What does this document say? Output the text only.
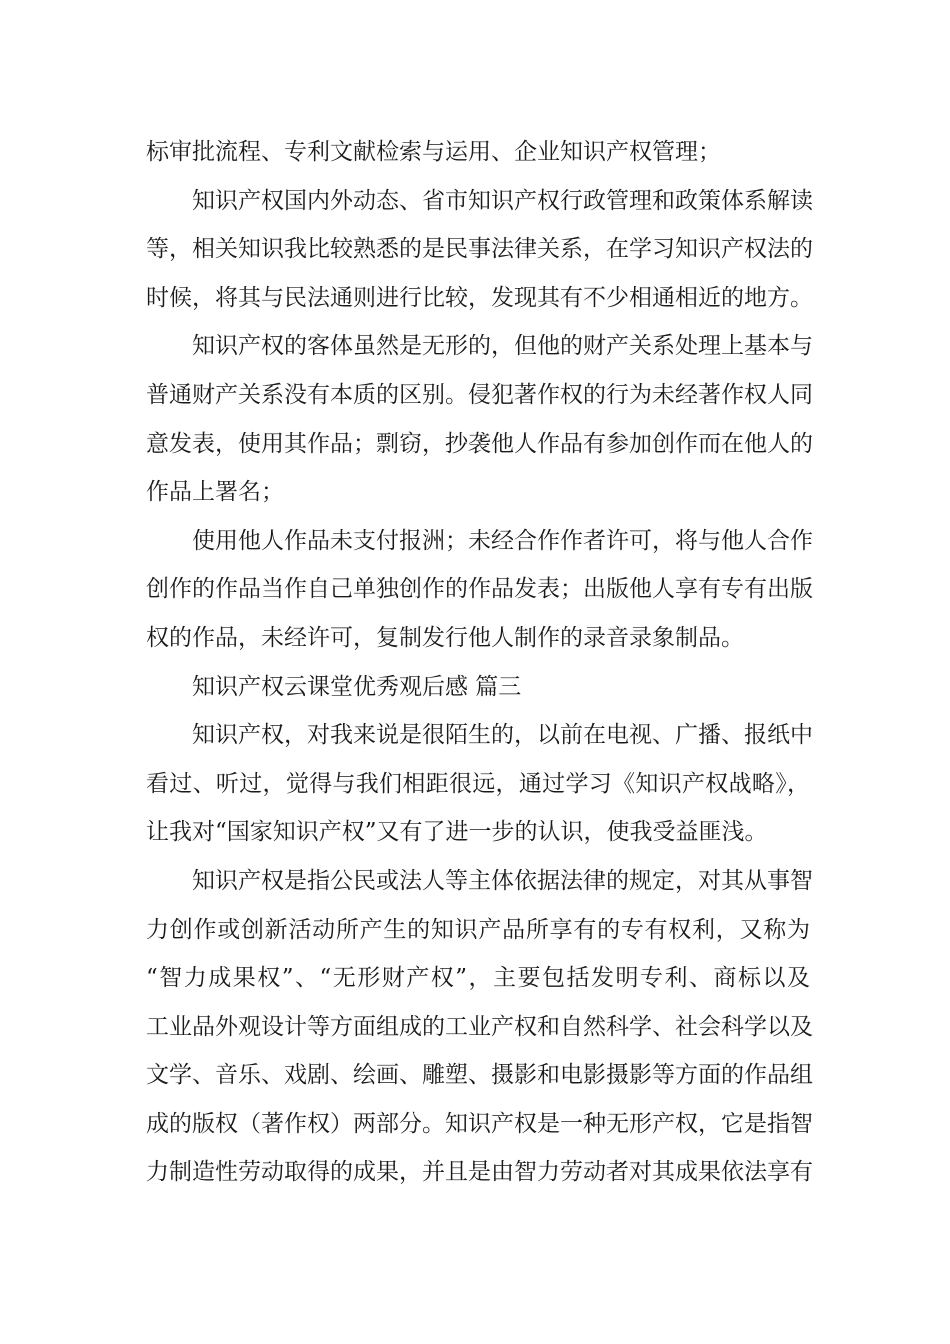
标审批流程、专利文献检索与运用、企业知识产权管理；
知识产权国内外动态、省市知识产权行政管理和政策体系解读
等，相关知识我比较熟悉的是民事法律关系，在学习知识产权法的
时候，将其与民法通则进行比较，发现其有不少相通相近的地方。
知识产权的客体虽然是无形的，但他的财产关系处理上基本与
普通财产关系没有本质的区别。侵犯著作权的行为未经著作权人同
意发表，使用其作品；剽窃，抄袭他人作品有参加创作而在他人的
作品上署名；
使用他人作品未支付报洲；未经合作作者许可，将与他人合作
创作的作品当作自己单独创作的作品发表；出版他人享有专有出版
权的作品，未经许可，复制发行他人制作的录音录象制品。
知识产权云课堂优秀观后感 篇三
知识产权，对我来说是很陌生的，以前在电视、广播、报纸中
看过、听过，觉得与我们相距很远，通过学习《知识产权战略》，
让我对“国家知识产权”又有了进一步的认识，使我受益匪浅。
知识产权是指公民或法人等主体依据法律的规定，对其从事智
力创作或创新活动所产生的知识产品所享有的专有权利，又称为
“智力成果权”、“无形财产权”，主要包括发明专利、商标以及
工业品外观设计等方面组成的工业产权和自然科学、社会科学以及
文学、音乐、戏剧、绘画、雕塑、摄影和电影摄影等方面的作品组
成的版权（著作权）两部分。知识产权是一种无形产权，它是指智
力制造性劳动取得的成果，并且是由智力劳动者对其成果依法享有
